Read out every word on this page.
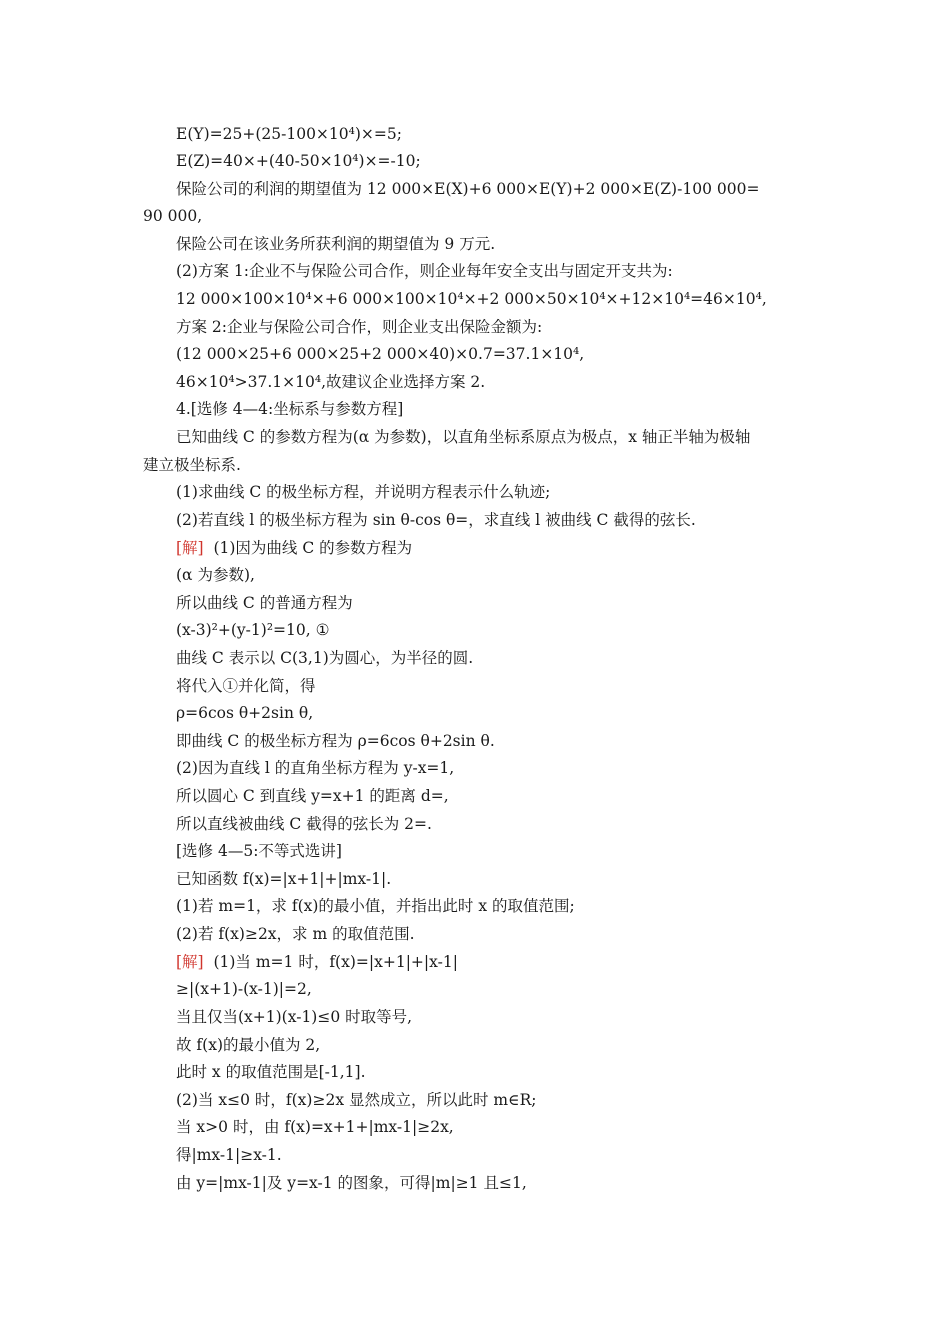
E(Y)=25+(25-100×10⁴)×=5;
E(Z)=40×+(40-50×10⁴)×=-10;
保险公司的利润的期望值为 12 000×E(X)+6 000×E(Y)+2 000×E(Z)-100 000=
90 000,
保险公司在该业务所获利润的期望值为 9 万元.
(2)方案 1:企业不与保险公司合作，则企业每年安全支出与固定开支共为:
12 000×100×10⁴×+6 000×100×10⁴×+2 000×50×10⁴×+12×10⁴=46×10⁴,
方案 2:企业与保险公司合作，则企业支出保险金额为:
(12 000×25+6 000×25+2 000×40)×0.7=37.1×10⁴,
46×10⁴>37.1×10⁴,故建议企业选择方案 2.
4.[选修 4—4:坐标系与参数方程]
已知曲线 C 的参数方程为(α 为参数)，以直角坐标系原点为极点，x 轴正半轴为极轴
建立极坐标系.
(1)求曲线 C 的极坐标方程，并说明方程表示什么轨迹;
(2)若直线 l 的极坐标方程为 sin θ-cos θ=，求直线 l 被曲线 C 截得的弦长.
[解] (1)因为曲线 C 的参数方程为
(α 为参数),
所以曲线 C 的普通方程为
(x-3)²+(y-1)²=10, ①
曲线 C 表示以 C(3,1)为圆心，为半径的圆.
将代入①并化简，得
ρ=6cos θ+2sin θ,
即曲线 C 的极坐标方程为 ρ=6cos θ+2sin θ.
(2)因为直线 l 的直角坐标方程为 y-x=1,
所以圆心 C 到直线 y=x+1 的距离 d=,
所以直线被曲线 C 截得的弦长为 2=.
[选修 4—5:不等式选讲]
已知函数 f(x)=|x+1|+|mx-1|.
(1)若 m=1，求 f(x)的最小值，并指出此时 x 的取值范围;
(2)若 f(x)≥2x，求 m 的取值范围.
[解] (1)当 m=1 时，f(x)=|x+1|+|x-1|
≥|(x+1)-(x-1)|=2,
当且仅当(x+1)(x-1)≤0 时取等号,
故 f(x)的最小值为 2,
此时 x 的取值范围是[-1,1].
(2)当 x≤0 时，f(x)≥2x 显然成立，所以此时 m∈R;
当 x>0 时，由 f(x)=x+1+|mx-1|≥2x,
得|mx-1|≥x-1.
由 y=|mx-1|及 y=x-1 的图象，可得|m|≥1 且≤1,
